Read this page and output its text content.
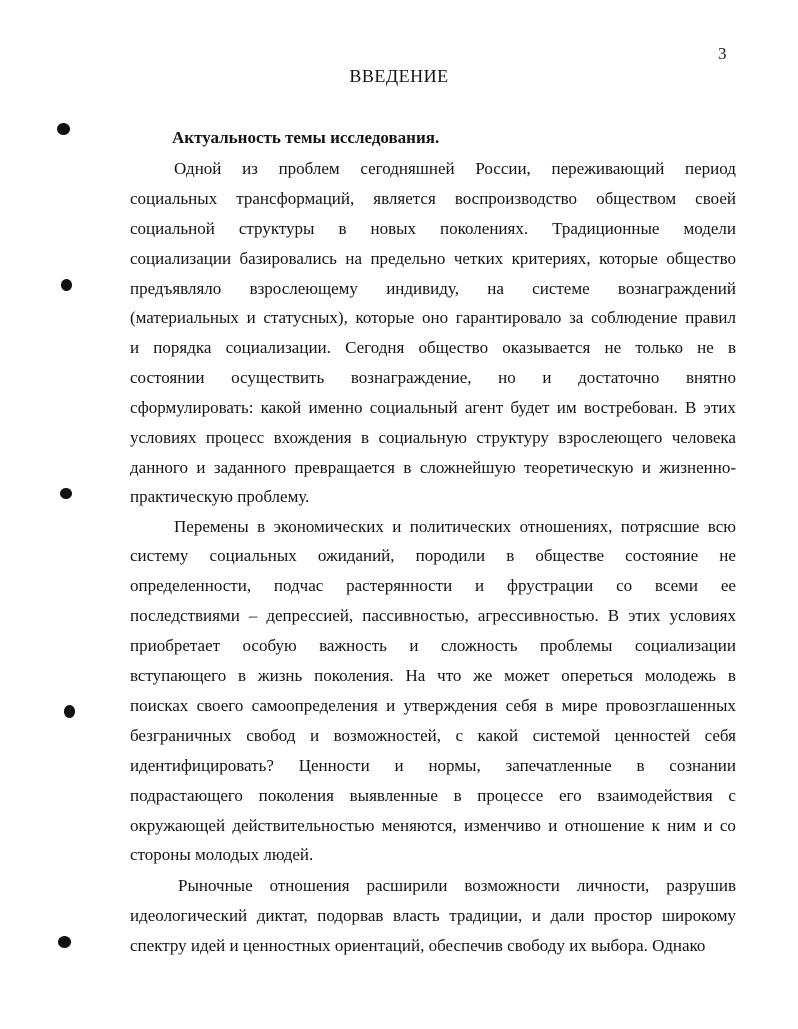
3
ВВЕДЕНИЕ
Актуальность темы исследования.
Одной из проблем сегодняшней России, переживающий период
социальных трансформаций, является воспроизводство обществом своей
социальной структуры в новых поколениях. Традиционные модели
социализации базировались на предельно четких критериях, которые общество
предъявляло взрослеющему индивиду, на системе вознаграждений
(материальных и статусных), которые оно гарантировало за соблюдение правил
и порядка социализации. Сегодня общество оказывается не только не в
состоянии осуществить вознаграждение, но и достаточно внятно
сформулировать: какой именно социальный агент будет им востребован. В этих
условиях процесс вхождения в социальную структуру взрослеющего человека
данного и заданного превращается в сложнейшую теоретическую и жизненно-
практическую проблему.
Перемены в экономических и политических отношениях, потрясшие всю
систему социальных ожиданий, породили в обществе состояние не
определенности, подчас растерянности и фрустрации со всеми ее
последствиями – депрессией, пассивностью, агрессивностью. В этих условиях
приобретает особую важность и сложность проблемы социализации
вступающего в жизнь поколения. На что же может опереться молодежь в
поисках своего самоопределения и утверждения себя в мире провозглашенных
безграничных свобод и возможностей, с какой системой ценностей себя
идентифицировать? Ценности и нормы, запечатленные в сознании
подрастающего поколения выявленные в процессе его взаимодействия с
окружающей действительностью меняются, изменчиво и отношение к ним и со
стороны молодых людей.
Рыночные отношения расширили возможности личности, разрушив
идеологический диктат, подорвав власть традиции, и дали простор широкому
спектру идей и ценностных ориентаций, обеспечив свободу их выбора. Однако
